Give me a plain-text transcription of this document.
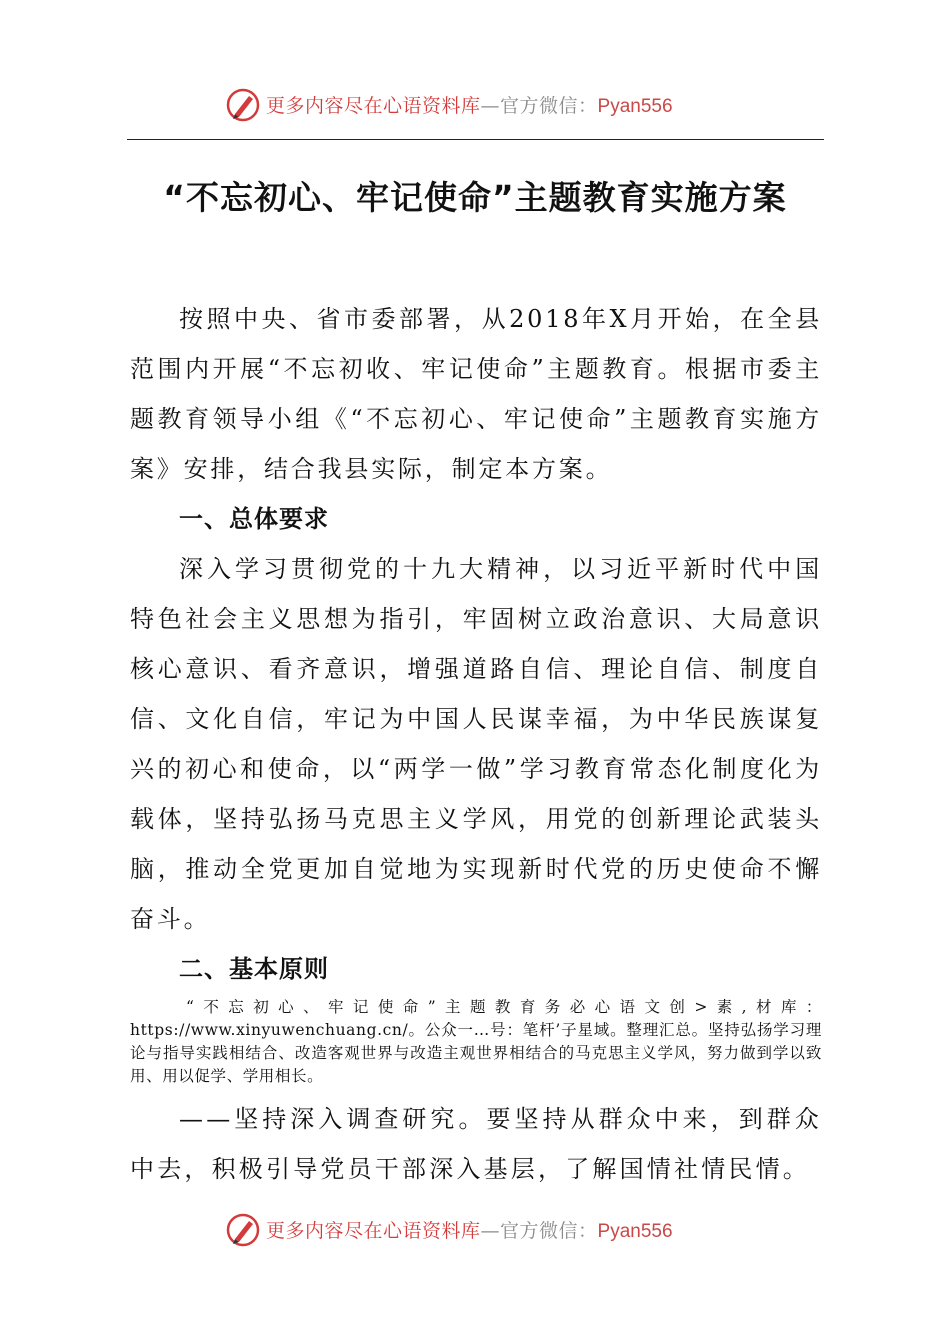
更多内容尽在心语资料库—官方微信：Pyan556
“不忘初心、牢记使命”主题教育实施方案

按照中央、省市委部署，从2018年X月开始，在全县范围内开展“不忘初收、牢记使命”主题教育。根据市委主题教育领导小组《“不忘初心、牢记使命”主题教育实施方案》安排，结合我县实际，制定本方案。

一、总体要求

深入学习贯彻党的十九大精神，以习近平新时代中国特色社会主义思想为指引，牢固树立政治意识、大局意识核心意识、看齐意识，增强道路自信、理论自信、制度自信、文化自信，牢记为中国人民谋幸福，为中华民族谋复兴的初心和使命，以“两学一做”学习教育常态化制度化为载体，坚持弘扬马克思主义学风，用党的创新理论武装头脑，推动全党更加自觉地为实现新时代党的历史使命不懈奋斗。

二、基本原则

“不忘初心、牢记使命”主题教育务必心语文创>素,材库：https://www.xinyuwenchuang.cn/。公众一…号：笔杆’子星域。整理汇总。坚持弘扬学习理论与指导实践相结合、改造客观世界与改造主观世界相结合的马克思主义学风，努力做到学以致用、用以促学、学用相长。

——坚持深入调查研究。要坚持从群众中来，到群众中去，积极引导党员干部深入基层，了解国情社情民情。

更多内容尽在心语资料库—官方微信：Pyan556
